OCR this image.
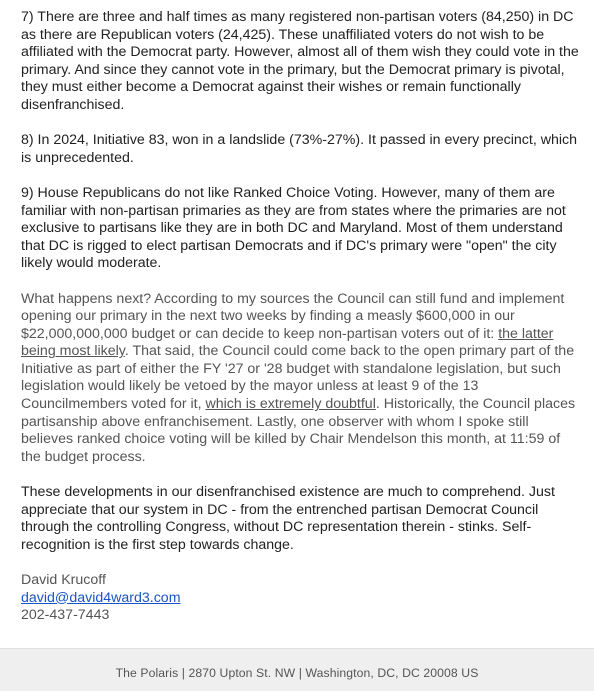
7) There are three and half times as many registered non-partisan voters (84,250) in DC as there are Republican voters (24,425). These unaffiliated voters do not wish to be affiliated with the Democrat party. However, almost all of them wish they could vote in the primary. And since they cannot vote in the primary, but the Democrat primary is pivotal, they must either become a Democrat against their wishes or remain functionally disenfranchised.

8) In 2024, Initiative 83, won in a landslide (73%-27%). It passed in every precinct, which is unprecedented.

9) House Republicans do not like Ranked Choice Voting. However, many of them are familiar with non-partisan primaries as they are from states where the primaries are not exclusive to partisans like they are in both DC and Maryland. Most of them understand that DC is rigged to elect partisan Democrats and if DC's primary were "open" the city likely would moderate.

What happens next? According to my sources the Council can still fund and implement opening our primary in the next two weeks by finding a measly $600,000 in our $22,000,000,000 budget or can decide to keep non-partisan voters out of it: the latter being most likely. That said, the Council could come back to the open primary part of the Initiative as part of either the FY '27 or '28 budget with standalone legislation, but such legislation would likely be vetoed by the mayor unless at least 9 of the 13 Councilmembers voted for it, which is extremely doubtful. Historically, the Council places partisanship above enfranchisement. Lastly, one observer with whom I spoke still believes ranked choice voting will be killed by Chair Mendelson this month, at 11:59 of the budget process.

These developments in our disenfranchised existence are much to comprehend. Just appreciate that our system in DC - from the entrenched partisan Democrat Council through the controlling Congress, without DC representation therein - stinks. Self-recognition is the first step towards change.

David Krucoff
david@david4ward3.com
202-437-7443
The Polaris | 2870 Upton St. NW | Washington, DC, DC 20008 US
